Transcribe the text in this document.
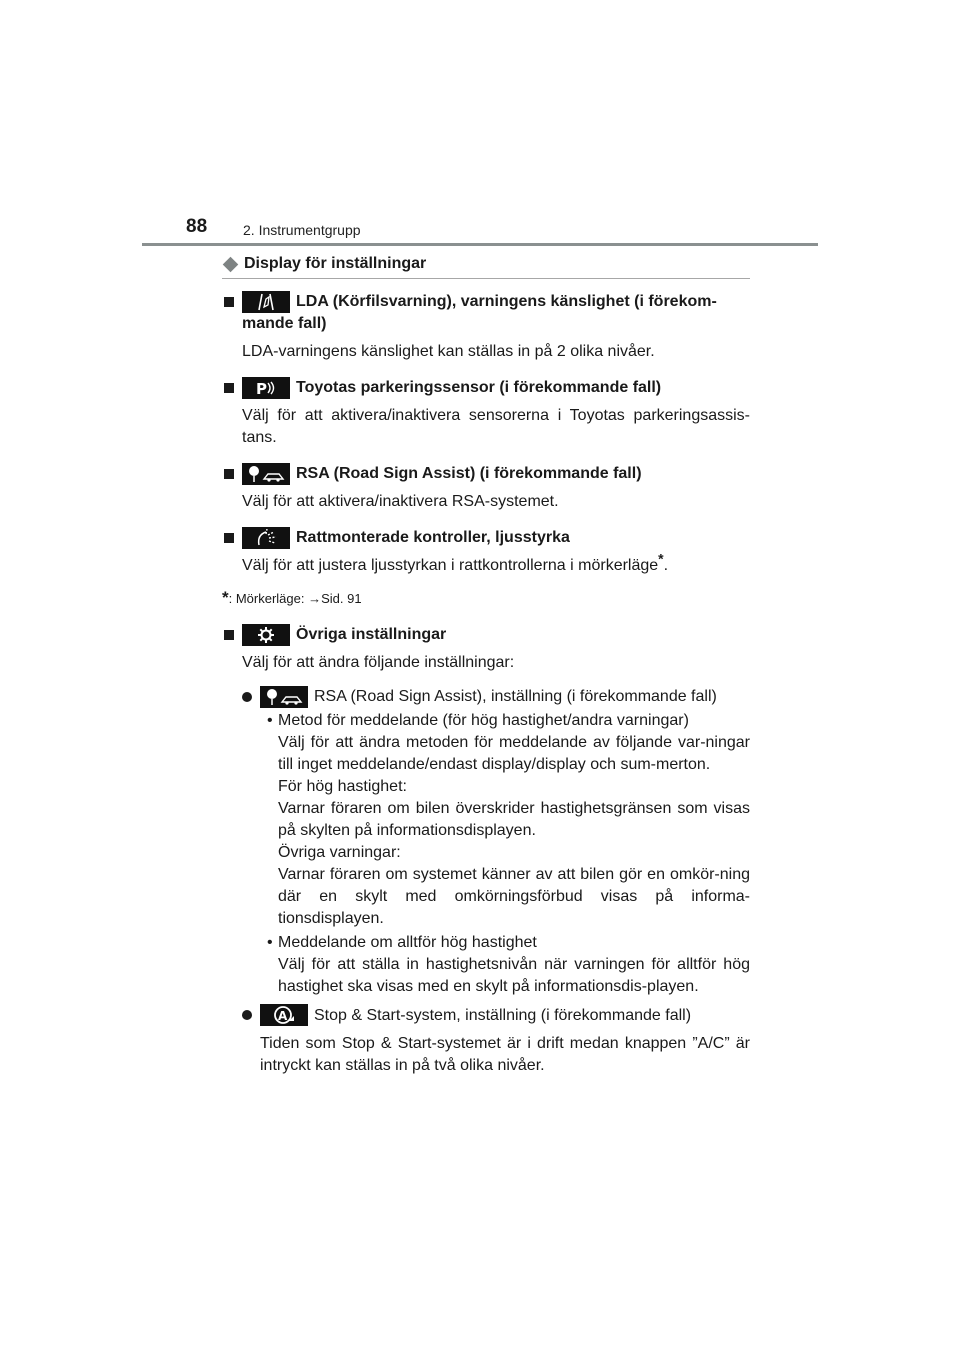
88	2. Instrumentgrupp
Display för inställningar
LDA (Körfilsvarning), varningens känslighet (i förekom-mande fall)
LDA-varningens känslighet kan ställas in på 2 olika nivåer.
P Toyotas parkeringssensor (i förekommande fall)
Välj för att aktivera/inaktivera sensorerna i Toyotas parkeringsassis-tans.
RSA (Road Sign Assist) (i förekommande fall)
Välj för att aktivera/inaktivera RSA-systemet.
Rattmonterade kontroller, ljusstyrka
Välj för att justera ljusstyrkan i rattkontrollerna i mörkerläge*.
*: Mörkerläge: →Sid. 91
Övriga inställningar
Välj för att ändra följande inställningar:
RSA (Road Sign Assist), inställning (i förekommande fall)
• Metod för meddelande (för hög hastighet/andra varningar)
Välj för att ändra metoden för meddelande av följande var-ningar till inget meddelande/endast display/display och sum-merton.
För hög hastighet:
Varnar föraren om bilen överskrider hastighetsgränsen som visas på skylten på informationsdisplayen.
Övriga varningar:
Varnar föraren om systemet känner av att bilen gör en omkör-ning där en skylt med omkörningsförbud visas på informa-tionsdisplayen.
• Meddelande om alltför hög hastighet
Välj för att ställa in hastighetsnivån när varningen för alltför hög hastighet ska visas med en skylt på informationsdis-playen.
A Stop & Start-system, inställning (i förekommande fall)
Tiden som Stop & Start-systemet är i drift medan knappen ”A/C” är intryckt kan ställas in på två olika nivåer.
